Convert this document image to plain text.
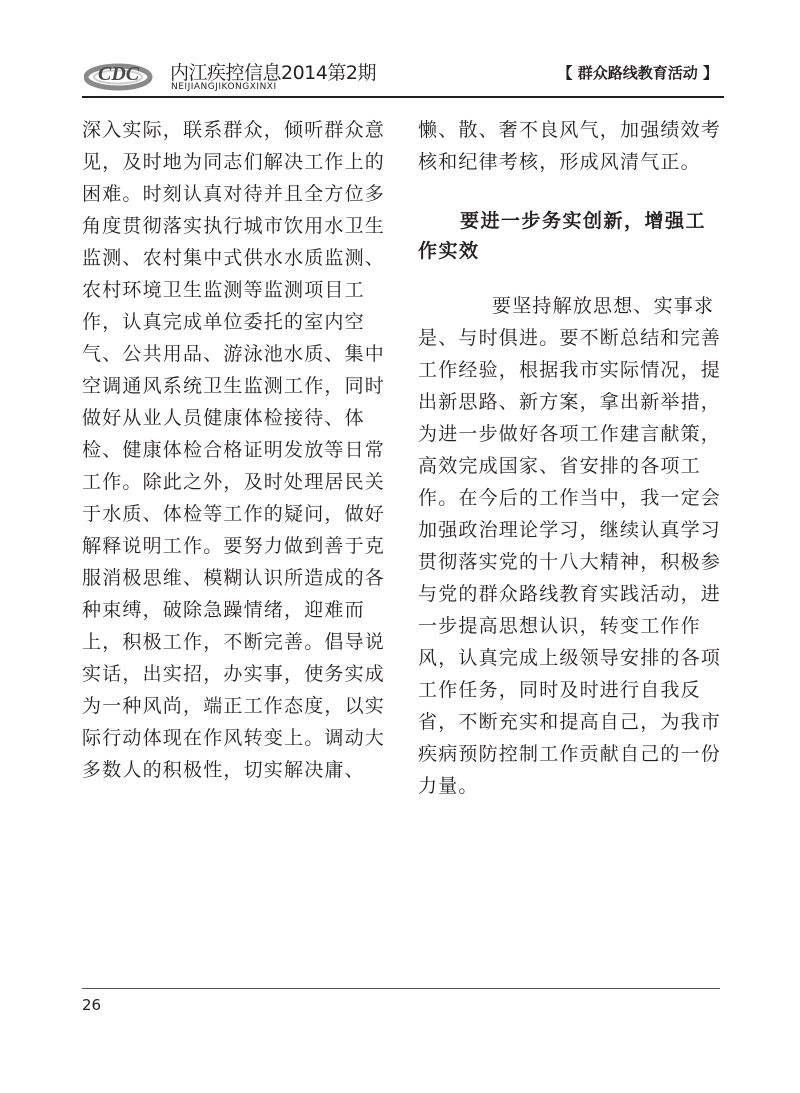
CDC 内江疾控信息2014第2期
NEIJIANGJIKONGXINXI
【 群众路线教育活动 】
深入实际，联系群众，倾听群众意
见，及时地为同志们解决工作上的
困难。时刻认真对待并且全方位多
角度贯彻落实执行城市饮用水卫生
监测、农村集中式供水水质监测、
农村环境卫生监测等监测项目工
作，认真完成单位委托的室内空
气、公共用品、游泳池水质、集中
空调通风系统卫生监测工作，同时
做好从业人员健康体检接待、体
检、健康体检合格证明发放等日常
工作。除此之外，及时处理居民关
于水质、体检等工作的疑问，做好
解释说明工作。要努力做到善于克
服消极思维、模糊认识所造成的各
种束缚，破除急躁情绪，迎难而
上，积极工作，不断完善。倡导说
实话，出实招，办实事，使务实成
为一种风尚，端正工作态度，以实
际行动体现在作风转变上。调动大
多数人的积极性，切实解决庸、
懒、散、奢不良风气，加强绩效考
核和纪律考核，形成风清气正。
要进一步务实创新，增强工
作实效
要坚持解放思想、实事求
是、与时俱进。要不断总结和完善
工作经验，根据我市实际情况，提
出新思路、新方案，拿出新举措，
为进一步做好各项工作建言献策，
高效完成国家、省安排的各项工
作。在今后的工作当中，我一定会
加强政治理论学习，继续认真学习
贯彻落实党的十八大精神，积极参
与党的群众路线教育实践活动，进
一步提高思想认识，转变工作作
风，认真完成上级领导安排的各项
工作任务，同时及时进行自我反
省，不断充实和提高自己，为我市
疾病预防控制工作贡献自己的一份
力量。
26
